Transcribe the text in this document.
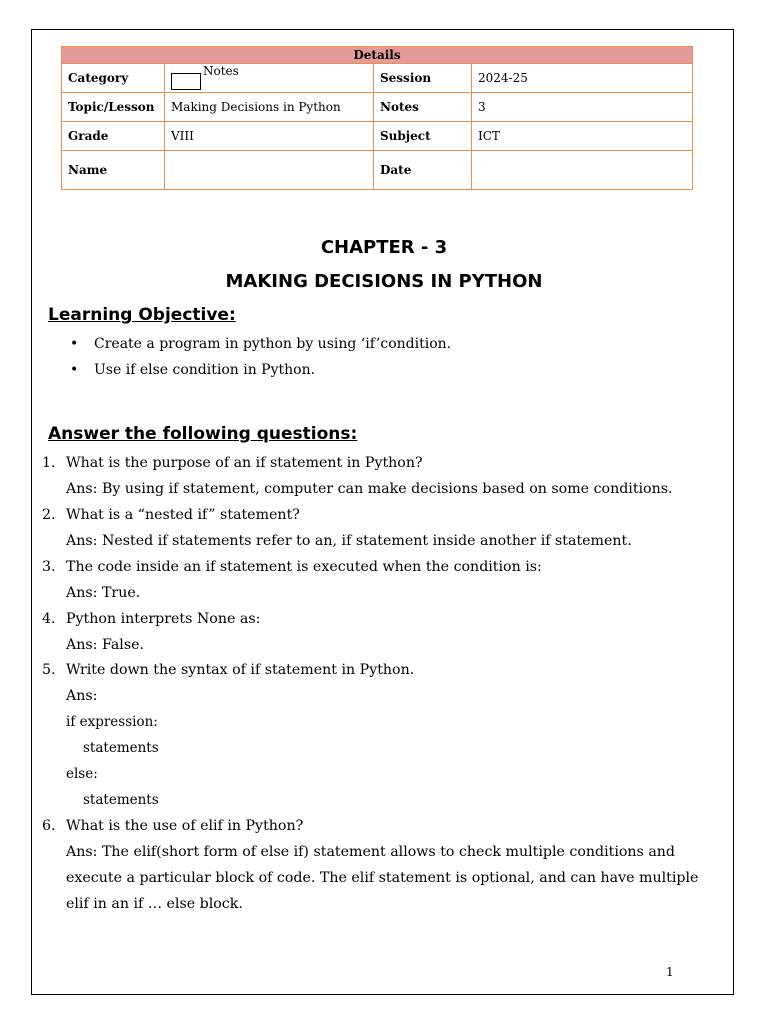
Details			
Category	Notes	Session	2024-25
Topic/Lesson	Making Decisions in Python	Notes	3
Grade	VIII	Subject	ICT
Name		Date	
CHAPTER - 3
MAKING DECISIONS IN PYTHON
Learning Objective:
• Create a program in python by using ‘if’condition.
• Use if else condition in Python.
Answer the following questions:
1. What is the purpose of an if statement in Python?
Ans: By using if statement, computer can make decisions based on some conditions.
2. What is a “nested if” statement?
Ans: Nested if statements refer to an, if statement inside another if statement.
3. The code inside an if statement is executed when the condition is:
Ans: True.
4. Python interprets None as:
Ans: False.
5. Write down the syntax of if statement in Python.
Ans:
if expression:
statements
else:
statements
6. What is the use of elif in Python?
Ans: The elif(short form of else if) statement allows to check multiple conditions and
execute a particular block of code. The elif statement is optional, and can have multiple
elif in an if … else block.
1
